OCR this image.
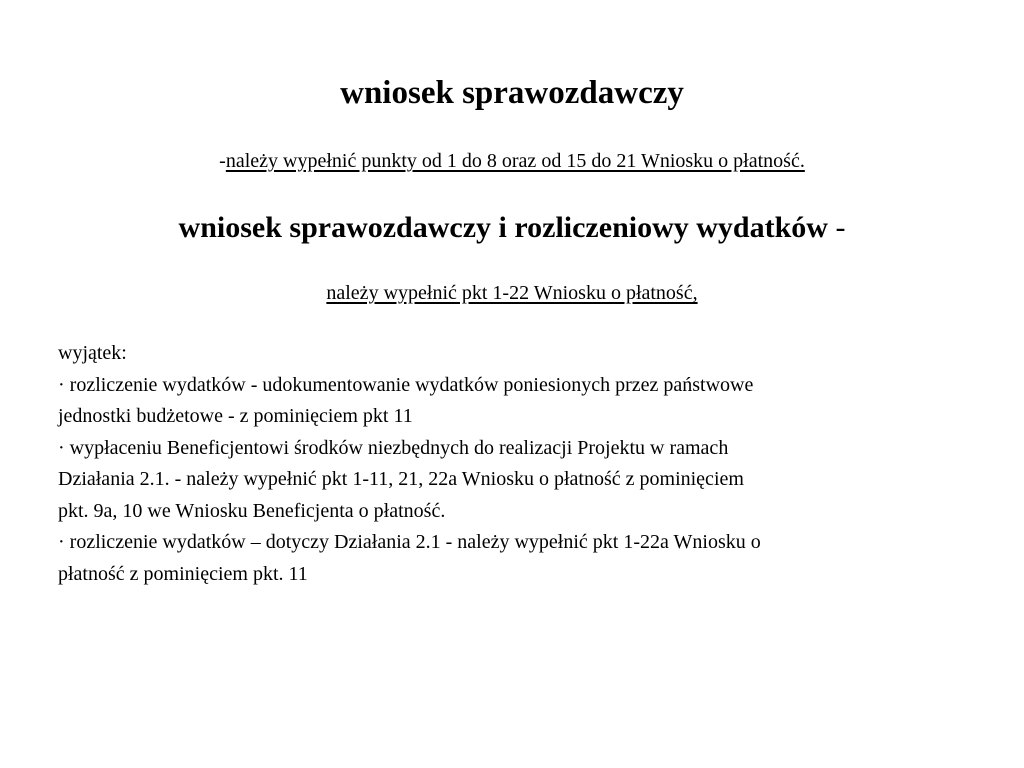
wniosek sprawozdawczy
-należy wypełnić punkty od 1 do 8 oraz od 15 do 21 Wniosku o płatność.
wniosek sprawozdawczy i rozliczeniowy wydatków -
należy wypełnić pkt 1-22 Wniosku o płatność,
wyjątek:
· rozliczenie wydatków - udokumentowanie wydatków poniesionych przez państwowe
jednostki budżetowe - z pominięciem pkt 11
· wypłaceniu Beneficjentowi środków niezbędnych do realizacji Projektu w ramach
Działania 2.1. - należy wypełnić pkt 1-11, 21, 22a Wniosku o płatność z pominięciem
pkt. 9a, 10 we Wniosku Beneficjenta o płatność.
· rozliczenie wydatków – dotyczy Działania 2.1 - należy wypełnić pkt 1-22a Wniosku o
płatność z pominięciem pkt. 11
